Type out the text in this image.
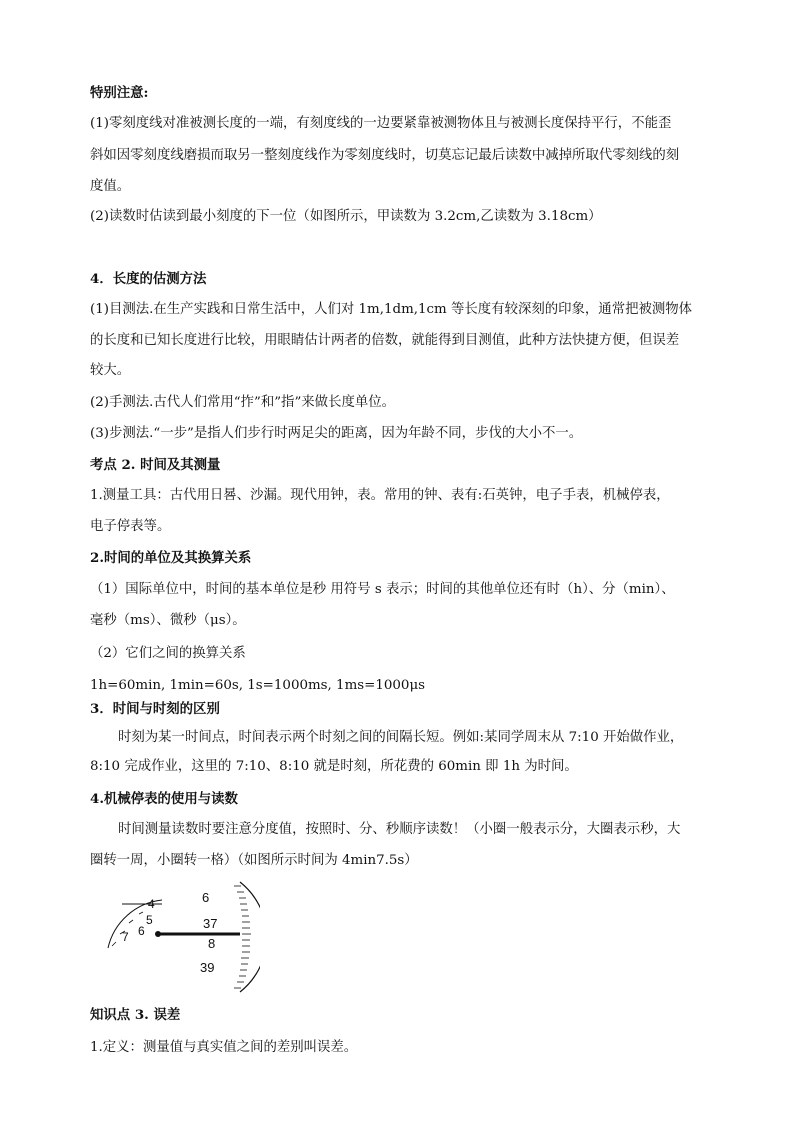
特别注意:
(1)零刻度线对准被测长度的一端，有刻度线的一边要紧靠被测物体且与被测长度保持平行，不能歪
斜如因零刻度线磨损而取另一整刻度线作为零刻度线时，切莫忘记最后读数中减掉所取代零刻线的刻
度值。
(2)读数时估读到最小刻度的下一位（如图所示，甲读数为 3.2cm,乙读数为 3.18cm）
4．长度的估测方法
(1)目测法.在生产实践和日常生活中，人们对 1m,1dm,1cm 等长度有较深刻的印象，通常把被测物体
的长度和已知长度进行比较，用眼睛估计两者的倍数，就能得到目测值，此种方法快捷方便，但误差
较大。
(2)手测法.古代人们常用“拃”和”指”来做长度单位。
(3)步测法.“一步”是指人们步行时两足尖的距离，因为年龄不同，步伐的大小不一。
考点 2. 时间及其测量
1.测量工具：古代用日晷、沙漏。现代用钟，表。常用的钟、表有:石英钟，电子手表，机械停表，
电子停表等。
2.时间的单位及其换算关系
（1）国际单位中，时间的基本单位是秒 用符号 s 表示；时间的其他单位还有时（h）、分（min）、
毫秒（ms）、微秒（μs）。
（2）它们之间的换算关系
1h=60min, 1min=60s, 1s=1000ms, 1ms=1000μs
3．时间与时刻的区别
时刻为某一时间点，时间表示两个时刻之间的间隔长短。例如:某同学周末从 7:10 开始做作业，
8:10 完成作业，这里的 7:10、8:10 就是时刻，所花费的 60min 即 1h 为时间。
4.机械停表的使用与读数
时间测量读数时要注意分度值，按照时、分、秒顺序读数！（小圈一般表示分，大圈表示秒，大
圈转一周，小圈转一格）（如图所示时间为 4min7.5s）
4
5
6
7
6
37
8
39
知识点 3. 误差
1.定义：测量值与真实值之间的差别叫误差。
